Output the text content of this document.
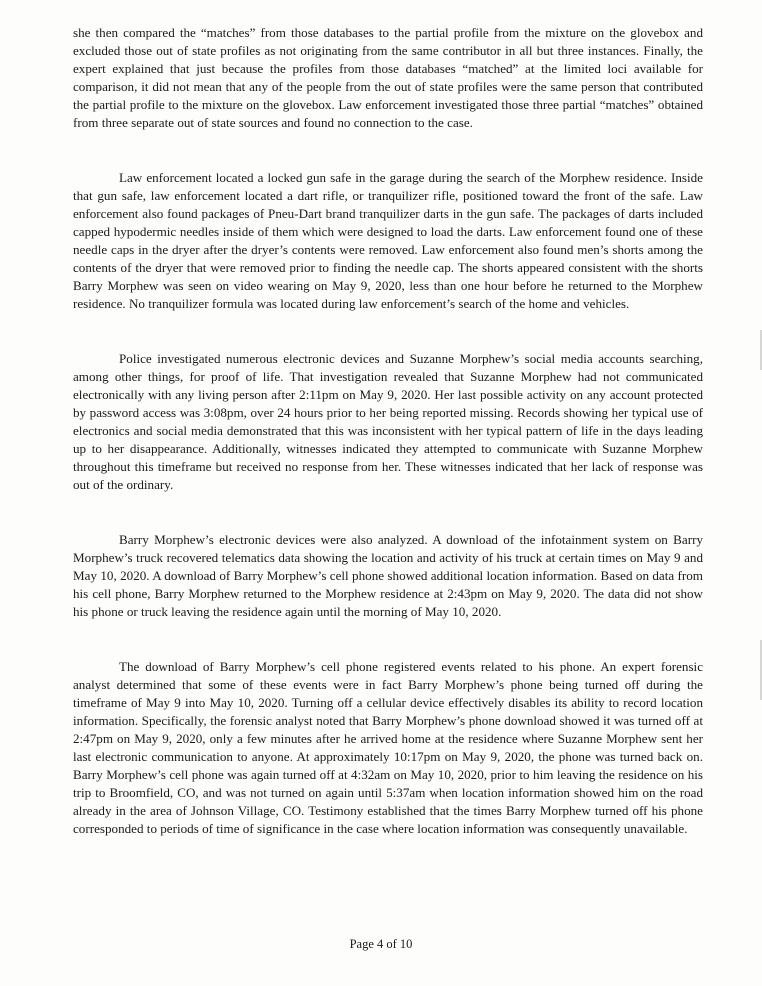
she then compared the “matches” from those databases to the partial profile from the mixture on the glovebox and excluded those out of state profiles as not originating from the same contributor in all but three instances. Finally, the expert explained that just because the profiles from those databases “matched” at the limited loci available for comparison, it did not mean that any of the people from the out of state profiles were the same person that contributed the partial profile to the mixture on the glovebox. Law enforcement investigated those three partial “matches” obtained from three separate out of state sources and found no connection to the case.

Law enforcement located a locked gun safe in the garage during the search of the Morphew residence. Inside that gun safe, law enforcement located a dart rifle, or tranquilizer rifle, positioned toward the front of the safe. Law enforcement also found packages of Pneu-Dart brand tranquilizer darts in the gun safe. The packages of darts included capped hypodermic needles inside of them which were designed to load the darts. Law enforcement found one of these needle caps in the dryer after the dryer’s contents were removed. Law enforcement also found men’s shorts among the contents of the dryer that were removed prior to finding the needle cap. The shorts appeared consistent with the shorts Barry Morphew was seen on video wearing on May 9, 2020, less than one hour before he returned to the Morphew residence. No tranquilizer formula was located during law enforcement’s search of the home and vehicles.

Police investigated numerous electronic devices and Suzanne Morphew’s social media accounts searching, among other things, for proof of life. That investigation revealed that Suzanne Morphew had not communicated electronically with any living person after 2:11pm on May 9, 2020. Her last possible activity on any account protected by password access was 3:08pm, over 24 hours prior to her being reported missing. Records showing her typical use of electronics and social media demonstrated that this was inconsistent with her typical pattern of life in the days leading up to her disappearance. Additionally, witnesses indicated they attempted to communicate with Suzanne Morphew throughout this timeframe but received no response from her. These witnesses indicated that her lack of response was out of the ordinary.

Barry Morphew’s electronic devices were also analyzed. A download of the infotainment system on Barry Morphew’s truck recovered telematics data showing the location and activity of his truck at certain times on May 9 and May 10, 2020. A download of Barry Morphew’s cell phone showed additional location information. Based on data from his cell phone, Barry Morphew returned to the Morphew residence at 2:43pm on May 9, 2020. The data did not show his phone or truck leaving the residence again until the morning of May 10, 2020.

The download of Barry Morphew’s cell phone registered events related to his phone. An expert forensic analyst determined that some of these events were in fact Barry Morphew’s phone being turned off during the timeframe of May 9 into May 10, 2020. Turning off a cellular device effectively disables its ability to record location information. Specifically, the forensic analyst noted that Barry Morphew’s phone download showed it was turned off at 2:47pm on May 9, 2020, only a few minutes after he arrived home at the residence where Suzanne Morphew sent her last electronic communication to anyone. At approximately 10:17pm on May 9, 2020, the phone was turned back on. Barry Morphew’s cell phone was again turned off at 4:32am on May 10, 2020, prior to him leaving the residence on his trip to Broomfield, CO, and was not turned on again until 5:37am when location information showed him on the road already in the area of Johnson Village, CO. Testimony established that the times Barry Morphew turned off his phone corresponded to periods of time of significance in the case where location information was consequently unavailable.

Page 4 of 10
